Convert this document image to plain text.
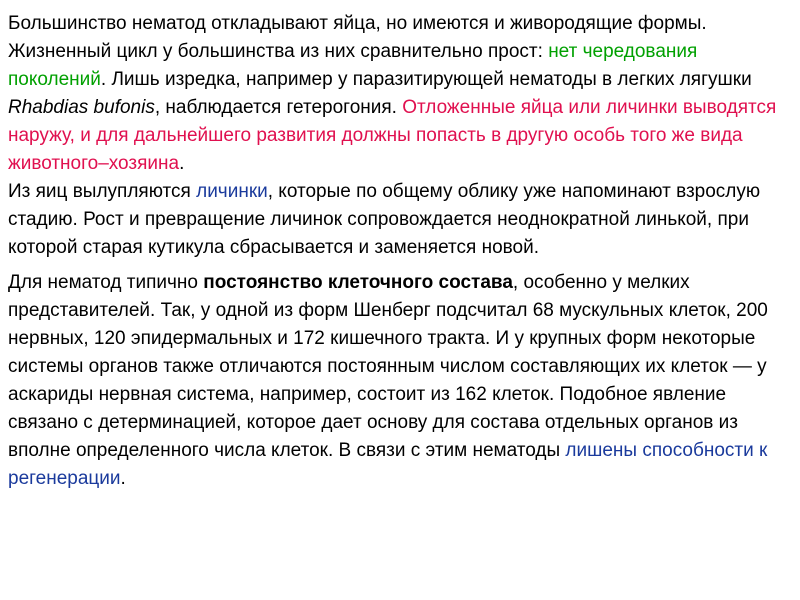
Большинство нематод откладывают яйца, но имеются и живородящие формы. Жизненный цикл у большинства из них сравнительно прост: нет чередования поколений. Лишь изредка, например у паразитирующей нематоды в легких лягушки Rhabdias bufonis, наблюдается гетерогония. Отложенные яйца или личинки выводятся наружу, и для дальнейшего развития должны попасть в другую особь того же вида животного–хозяина.
Из яиц вылупляются личинки, которые по общему облику уже напоминают взрослую стадию. Рост и превращение личинок сопровождается неоднократной линькой, при которой старая кутикула сбрасывается и заменяется новой.

Для нематод типично постоянство клеточного состава, особенно у мелких представителей. Так, у одной из форм Шенберг подсчитал 68 мускульных клеток, 200 нервных, 120 эпидермальных и 172 кишечного тракта. И у крупных форм некоторые системы органов также отличаются постоянным числом составляющих их клеток — у аскариды нервная система, например, состоит из 162 клеток. Подобное явление связано с детерминацией, которое дает основу для состава отдельных органов из вполне определенного числа клеток. В связи с этим нематоды лишены способности к регенерации.
